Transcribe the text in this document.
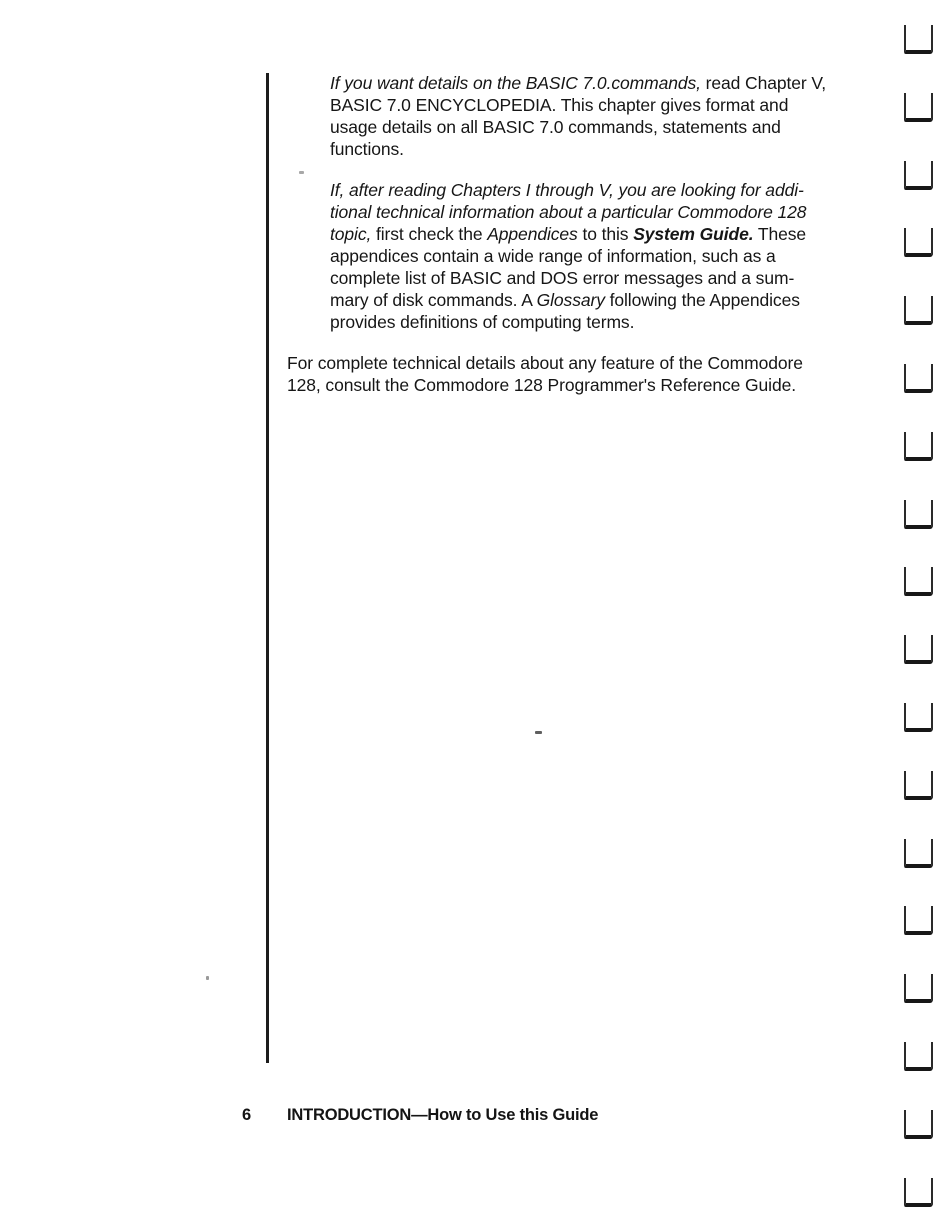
If you want details on the BASIC 7.0.commands, read Chapter V,
BASIC 7.0 ENCYCLOPEDIA. This chapter gives format and
usage details on all BASIC 7.0 commands, statements and
functions.
If, after reading Chapters I through V, you are looking for addi-
tional technical information about a particular Commodore 128
topic, first check the Appendices to this System Guide. These
appendices contain a wide range of information, such as a
complete list of BASIC and DOS error messages and a sum-
mary of disk commands. A Glossary following the Appendices
provides definitions of computing terms.
For complete technical details about any feature of the Commodore
128, consult the Commodore 128 Programmer's Reference Guide.
6 INTRODUCTION—How to Use this Guide
